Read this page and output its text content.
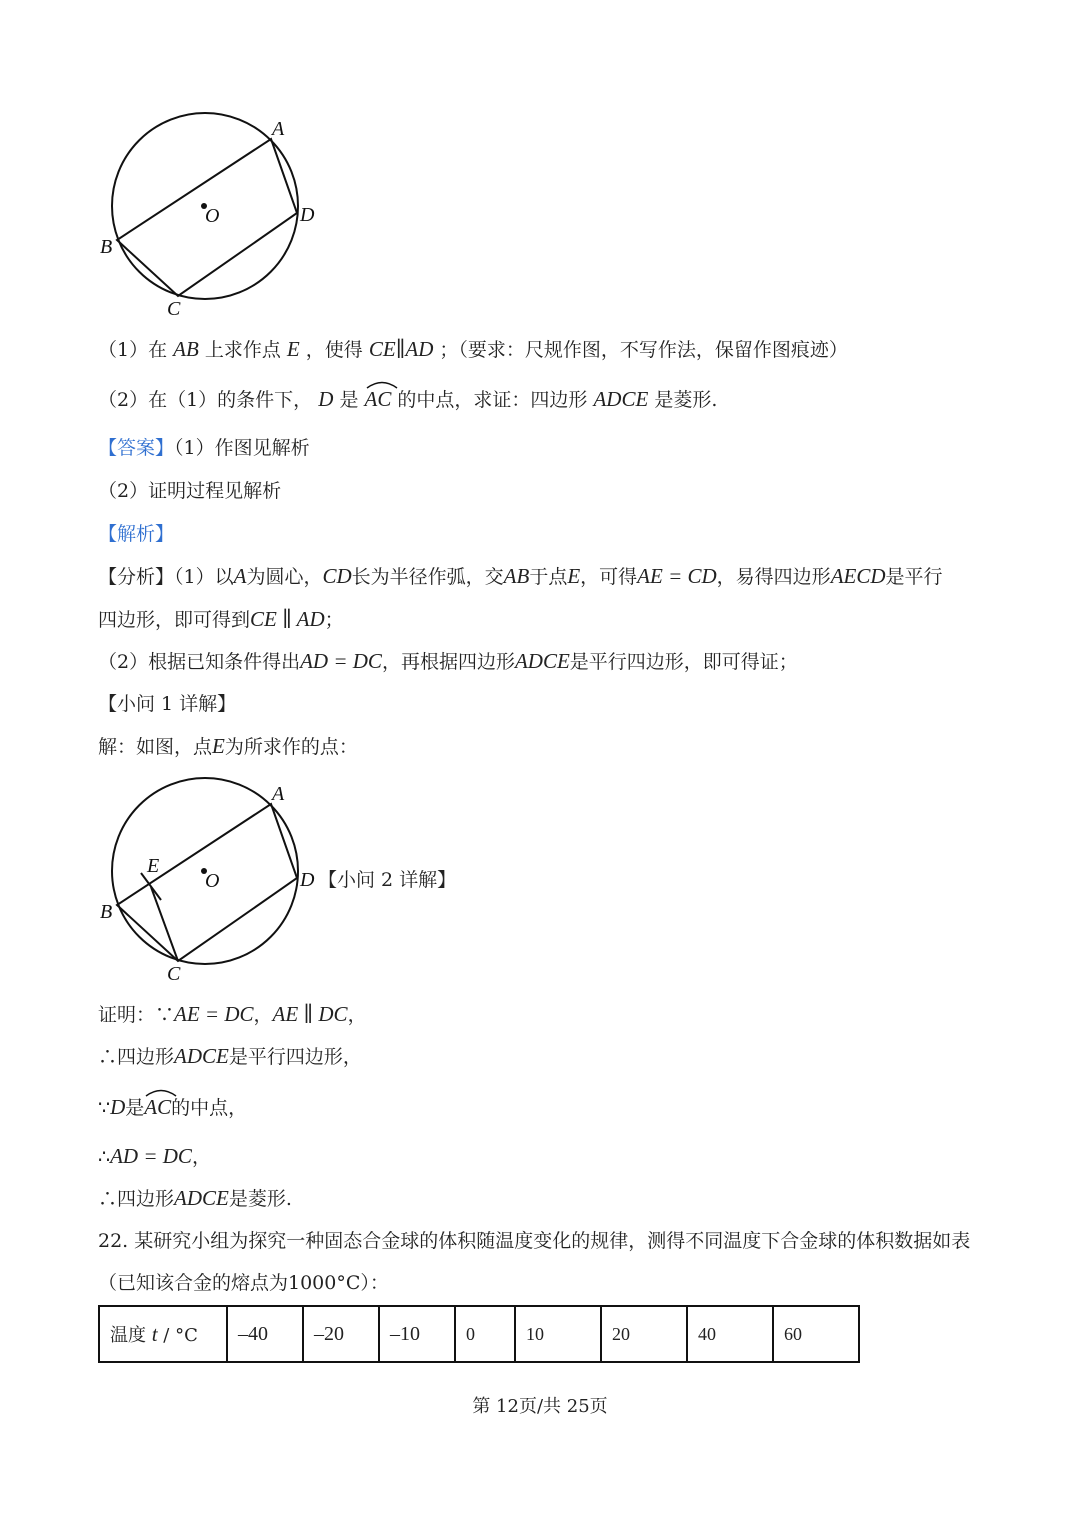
A
O	D
B
C
（1）在 AB 上求作点 E ，使得 CE∥AD ；（要求：尺规作图，不写作法，保留作图痕迹）
（2）在（1）的条件下， D 是 AC 的中点，求证：四边形 ADCE 是菱形.
【答案】（1）作图见解析
（2）证明过程见解析
【解析】
【分析】（1）以A为圆心，CD长为半径作弧，交AB于点E，可得AE = CD，易得四边形AECD是平行
四边形，即可得到CE ∥ AD；
（2）根据已知条件得出AD = DC，再根据四边形ADCE是平行四边形，即可得证；
【小问 1 详解】
解：如图，点E为所求作的点：
A
E
O	D
B
C
【小问 2 详解】
证明：∵AE = DC，AE ∥ DC，
∴四边形ADCE是平行四边形，
∵D是
AC的中点，
∴AD = DC，
∴四边形ADCE是菱形.
22. 某研究小组为探究一种固态合金球的体积随温度变化的规律，测得不同温度下合金球的体积数据如表
（已知该合金的熔点为1000°C）：
温度 t / °C	–40	–20	–10	0	10	20	40	60
第 12页/共 25页
